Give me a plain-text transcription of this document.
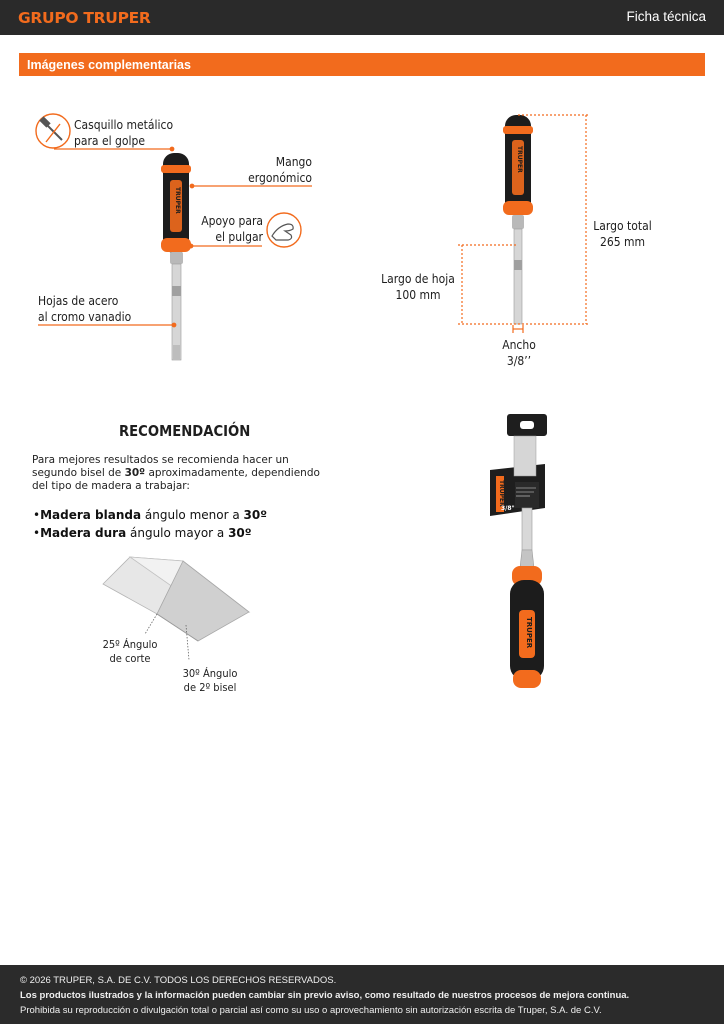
GRUPO TRUPER	Ficha técnica
Imágenes complementarias
TRUPER
Casquillo metálico
para el golpe
Mango
ergonómico
Apoyo para
el pulgar
Hojas de acero
al cromo vanadio
TRUPER
Largo total
265 mm
Largo de hoja
100 mm
Ancho
3/8’’
RECOMENDACIÓN
Para mejores resultados se recomienda hacer un segundo bisel de 30º aproximadamente, dependiendo del tipo de madera a trabajar:
•Madera blanda ángulo menor a 30º
•Madera dura ángulo mayor a 30º
25º Ángulo
de corte
30º Ángulo
de 2º bisel
TRUPER
3/8"
TRUPER
© 2026 TRUPER, S.A. DE C.V. TODOS LOS DERECHOS RESERVADOS.
Los productos ilustrados y la información pueden cambiar sin previo aviso, como resultado de nuestros procesos de mejora continua.
Prohibida su reproducción o divulgación total o parcial así como su uso o aprovechamiento sin autorización escrita de Truper, S.A. de C.V.
